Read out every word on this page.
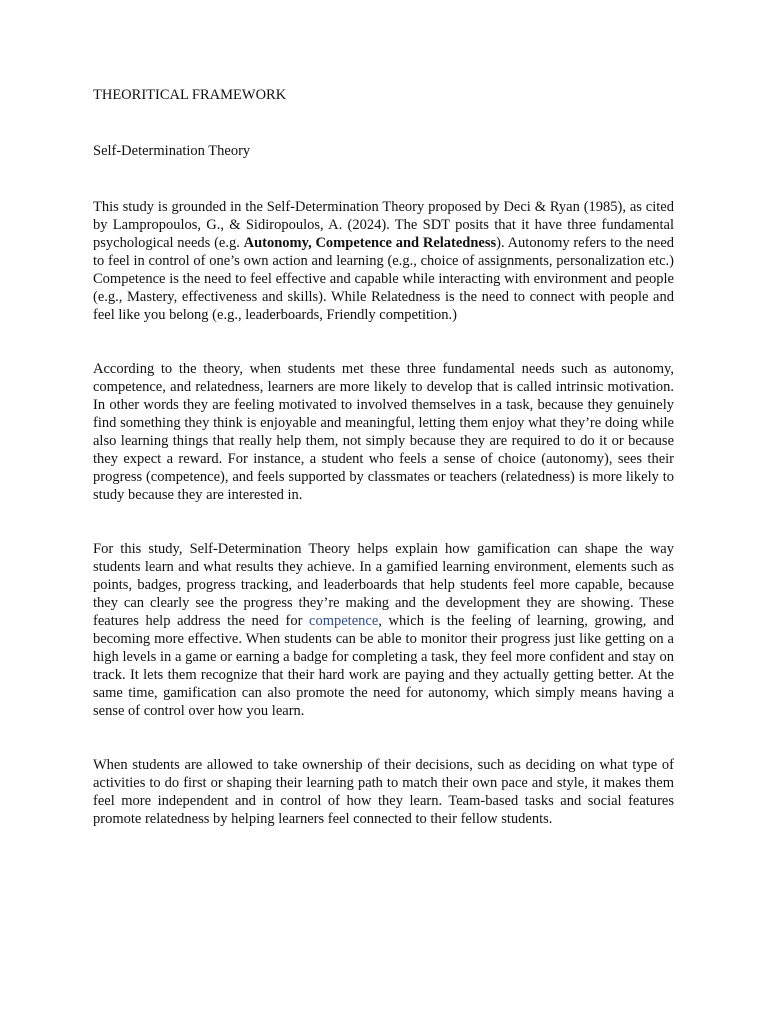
THEORITICAL FRAMEWORK

Self-Determination Theory

This study is grounded in the Self-Determination Theory proposed by Deci & Ryan (1985), as cited by Lampropoulos, G., & Sidiropoulos, A. (2024). The SDT posits that it have three fundamental psychological needs (e.g. Autonomy, Competence and Relatedness). Autonomy refers to the need to feel in control of one’s own action and learning (e.g., choice of assignments, personalization etc.) Competence is the need to feel effective and capable while interacting with environment and people (e.g., Mastery, effectiveness and skills). While Relatedness is the need to connect with people and feel like you belong (e.g., leaderboards, Friendly competition.)

According to the theory, when students met these three fundamental needs such as autonomy, competence, and relatedness, learners are more likely to develop that is called intrinsic motivation. In other words they are feeling motivated to involved themselves in a task, because they genuinely find something they think is enjoyable and meaningful, letting them enjoy what they’re doing while also learning things that really help them, not simply because they are required to do it or because they expect a reward. For instance, a student who feels a sense of choice (autonomy), sees their progress (competence), and feels supported by classmates or teachers (relatedness) is more likely to study because they are interested in.

For this study, Self-Determination Theory helps explain how gamification can shape the way students learn and what results they achieve. In a gamified learning environment, elements such as points, badges, progress tracking, and leaderboards that help students feel more capable, because they can clearly see the progress they’re making and the development they are showing. These features help address the need for competence, which is the feeling of learning, growing, and becoming more effective. When students can be able to monitor their progress just like getting on a high levels in a game or earning a badge for completing a task, they feel more confident and stay on track. It lets them recognize that their hard work are paying and they actually getting better. At the same time, gamification can also promote the need for autonomy, which simply means having a sense of control over how you learn.

When students are allowed to take ownership of their decisions, such as deciding on what type of activities to do first or shaping their learning path to match their own pace and style, it makes them feel more independent and in control of how they learn. Team-based tasks and social features promote relatedness by helping learners feel connected to their fellow students.
